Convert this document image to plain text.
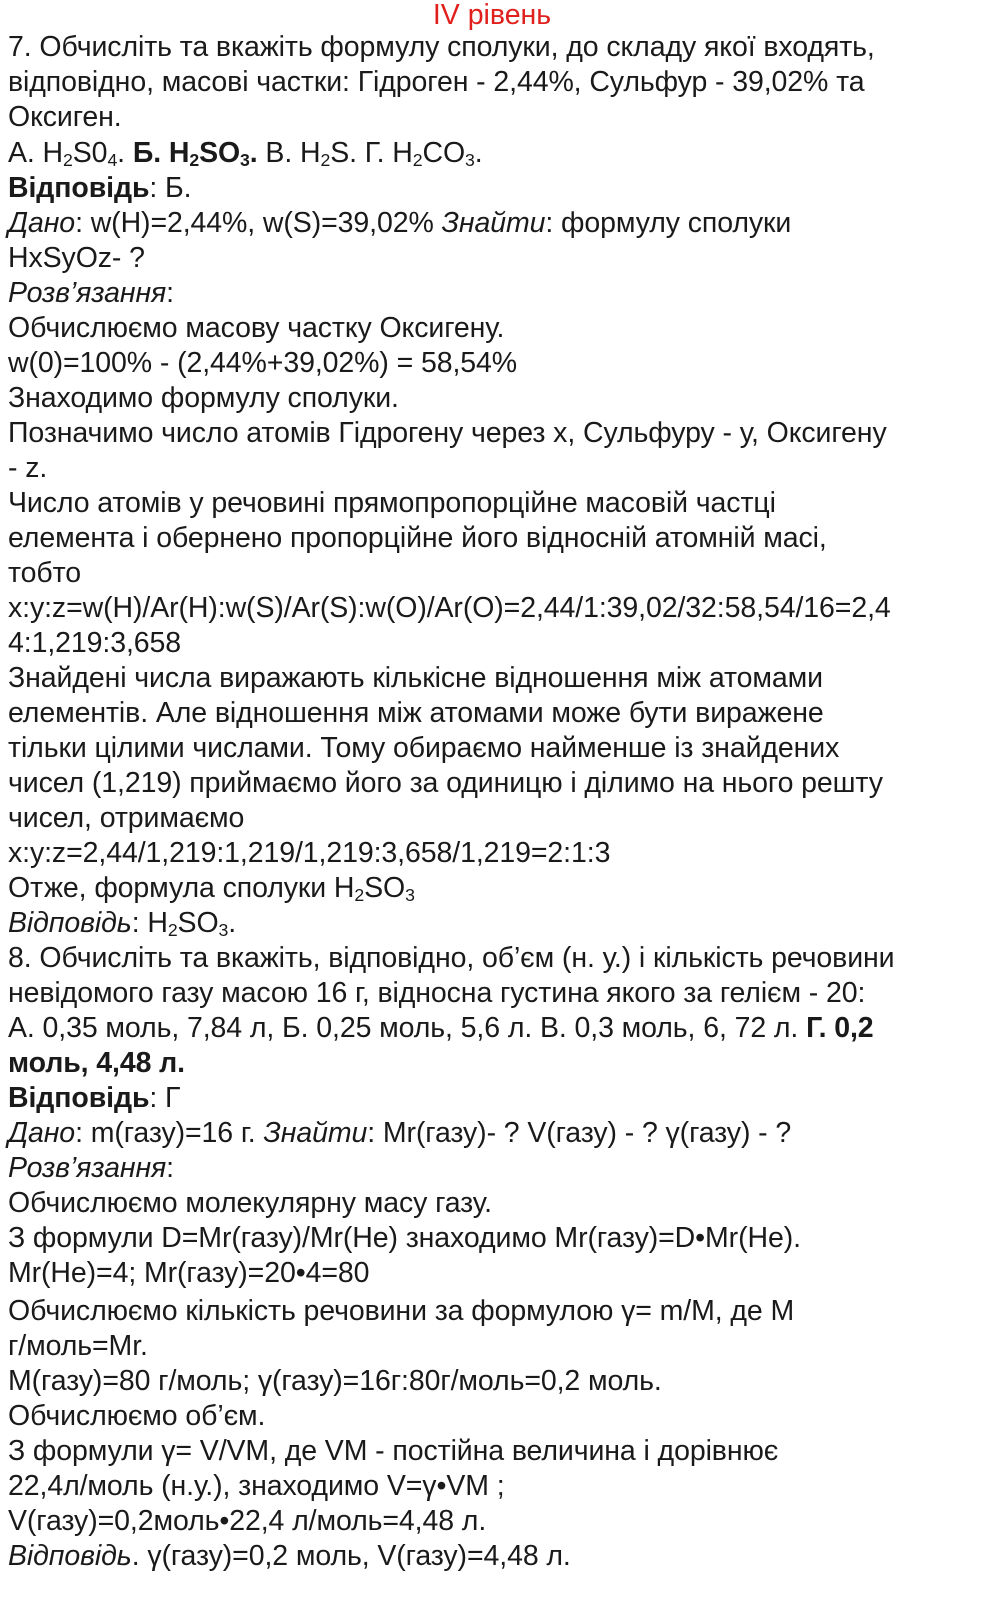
IV рівень
7. Обчисліть та вкажіть формулу сполуки, до складу якої входять,
відповідно, масові частки: Гідроген - 2,44%, Сульфур - 39,02% та
Оксиген.
А. $H_2S0_4$. Б. $H_2SO_3$. В. $H_2S$. Г. $H_2CO_3$.
Відповідь: Б.
Дано: w(H)=2,44%, w(S)=39,02% Знайти: формулу сполуки
HxSyOz- ?
Розв’язання:
Обчислюємо масову частку Оксигену.
w(0)=100% - (2,44%+39,02%) = 58,54%
Знаходимо формулу сполуки.
Позначимо число атомів Гідрогену через х, Сульфуру - у, Оксигену
- z.
Число атомів у речовині прямопропорційне масовій частці
елемента і обернено пропорційне його відносній атомній масі,
тобто
x:y:z=w(H)/Ar(H):w(S)/Ar(S):w(O)/Ar(O)=2,44/1:39,02/32:58,54/16=2,4
4:1,219:3,658
Знайдені числа виражають кількісне відношення між атомами
елементів. Але відношення між атомами може бути виражене
тільки цілими числами. Тому обираємо найменше із знайдених
чисел (1,219) приймаємо його за одиницю і ділимо на нього решту
чисел, отримаємо
x:y:z=2,44/1,219:1,219/1,219:3,658/1,219=2:1:3
Отже, формула сполуки $H_2SO_3$
Відповідь: $H_2SO_3$.
8. Обчисліть та вкажіть, відповідно, об’єм (н. у.) і кількість речовини
невідомого газу масою 16 г, відносна густина якого за гелієм - 20:
А. 0,35 моль, 7,84 л, Б. 0,25 моль, 5,6 л. В. 0,3 моль, 6, 72 л. Г. 0,2
моль, 4,48 л.
Відповідь: Г
Дано: m(газу)=16 г. Знайти: Mr(газу)- ? V(газу) - ? γ(газу) - ?
Розв’язання:
Обчислюємо молекулярну масу газу.
З формули D=Mr(газу)/Mr(He) знаходимо Mr(газу)=D•Mr(He).
Mr(He)=4; Mr(газу)=20•4=80
Обчислюємо кількість речовини за формулою γ= m/M, де М
г/моль=Mr.
M(газу)=80 г/моль; γ(газу)=16г:80г/моль=0,2 моль.
Обчислюємо об’єм.
З формули γ= V/VM, де VM - постійна величина і дорівнює
22,4л/моль (н.у.), знаходимо V=γ•VM ;
V(газу)=0,2моль•22,4 л/моль=4,48 л.
Відповідь. γ(газу)=0,2 моль, V(газу)=4,48 л.
